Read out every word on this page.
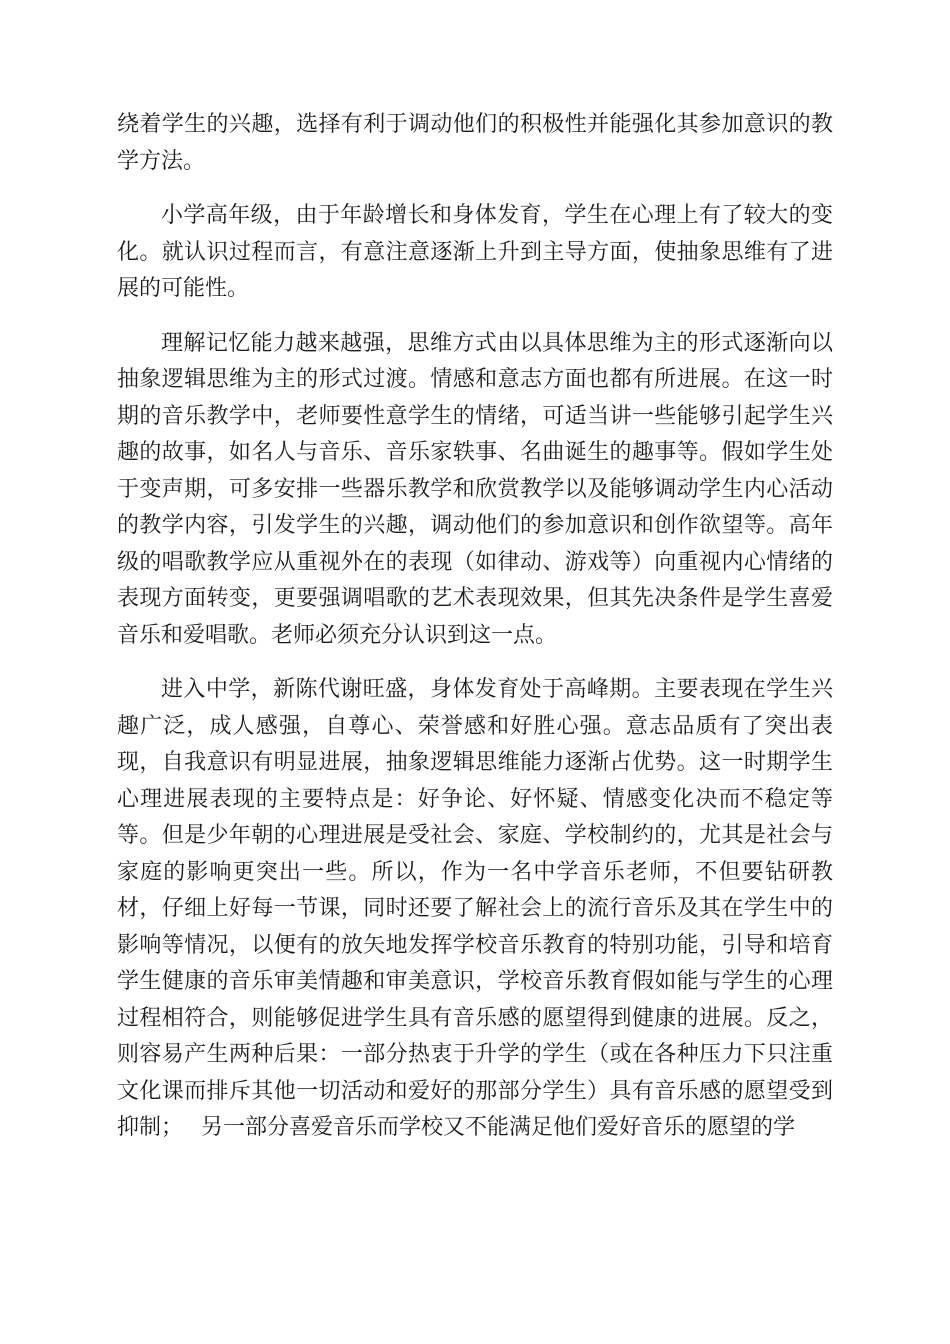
绕着学生的兴趣，选择有利于调动他们的积极性并能强化其参加意识的教学方法。

小学高年级，由于年龄增长和身体发育，学生在心理上有了较大的变化。就认识过程而言，有意注意逐渐上升到主导方面，使抽象思维有了进展的可能性。

理解记忆能力越来越强，思维方式由以具体思维为主的形式逐渐向以抽象逻辑思维为主的形式过渡。情感和意志方面也都有所进展。在这一时期的音乐教学中，老师要性意学生的情绪，可适当讲一些能够引起学生兴趣的故事，如名人与音乐、音乐家轶事、名曲诞生的趣事等。假如学生处于变声期，可多安排一些器乐教学和欣赏教学以及能够调动学生内心活动的教学内容，引发学生的兴趣，调动他们的参加意识和创作欲望等。高年级的唱歌教学应从重视外在的表现（如律动、游戏等）向重视内心情绪的表现方面转变，更要强调唱歌的艺术表现效果，但其先决条件是学生喜爱音乐和爱唱歌。老师必须充分认识到这一点。

进入中学，新陈代谢旺盛，身体发育处于高峰期。主要表现在学生兴趣广泛，成人感强，自尊心、荣誉感和好胜心强。意志品质有了突出表现，自我意识有明显进展，抽象逻辑思维能力逐渐占优势。这一时期学生心理进展表现的主要特点是：好争论、好怀疑、情感变化决而不稳定等等。但是少年朝的心理进展是受社会、家庭、学校制约的，尤其是社会与家庭的影响更突出一些。所以，作为一名中学音乐老师，不但要钻研教材，仔细上好每一节课，同时还要了解社会上的流行音乐及其在学生中的影响等情况，以便有的放矢地发挥学校音乐教育的特别功能，引导和培育学生健康的音乐审美情趣和审美意识，学校音乐教育假如能与学生的心理过程相符合，则能够促进学生具有音乐感的愿望得到健康的进展。反之，则容易产生两种后果：一部分热衷于升学的学生（或在各种压力下只注重文化课而排斥其他一切活动和爱好的那部分学生）具有音乐感的愿望受到抑制；　 另一部分喜爱音乐而学校又不能满足他们爱好音乐的愿望的学
